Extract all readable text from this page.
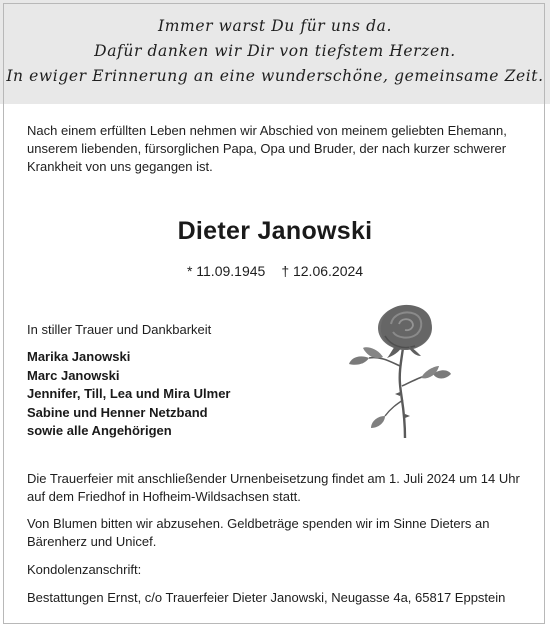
Immer warst Du für uns da.
Dafür danken wir Dir von tiefstem Herzen.
In ewiger Erinnerung an eine wunderschöne, gemeinsame Zeit.
Nach einem erfüllten Leben nehmen wir Abschied von meinem geliebten Ehemann,
unserem liebenden, fürsorglichen Papa, Opa und Bruder, der nach kurzer schwerer
Krankheit von uns gegangen ist.
Dieter Janowski
* 11.09.1945 † 12.06.2024
In stiller Trauer und Dankbarkeit
Marika Janowski
Marc Janowski
Jennifer, Till, Lea und Mira Ulmer
Sabine und Henner Netzband
sowie alle Angehörigen
Die Trauerfeier mit anschließender Urnenbeisetzung findet am 1. Juli 2024 um 14 Uhr
auf dem Friedhof in Hofheim-Wildsachsen statt.
Von Blumen bitten wir abzusehen. Geldbeträge spenden wir im Sinne Dieters an
Bärenherz und Unicef.
Kondolenzanschrift:
Bestattungen Ernst, c/o Trauerfeier Dieter Janowski, Neugasse 4a, 65817 Eppstein
